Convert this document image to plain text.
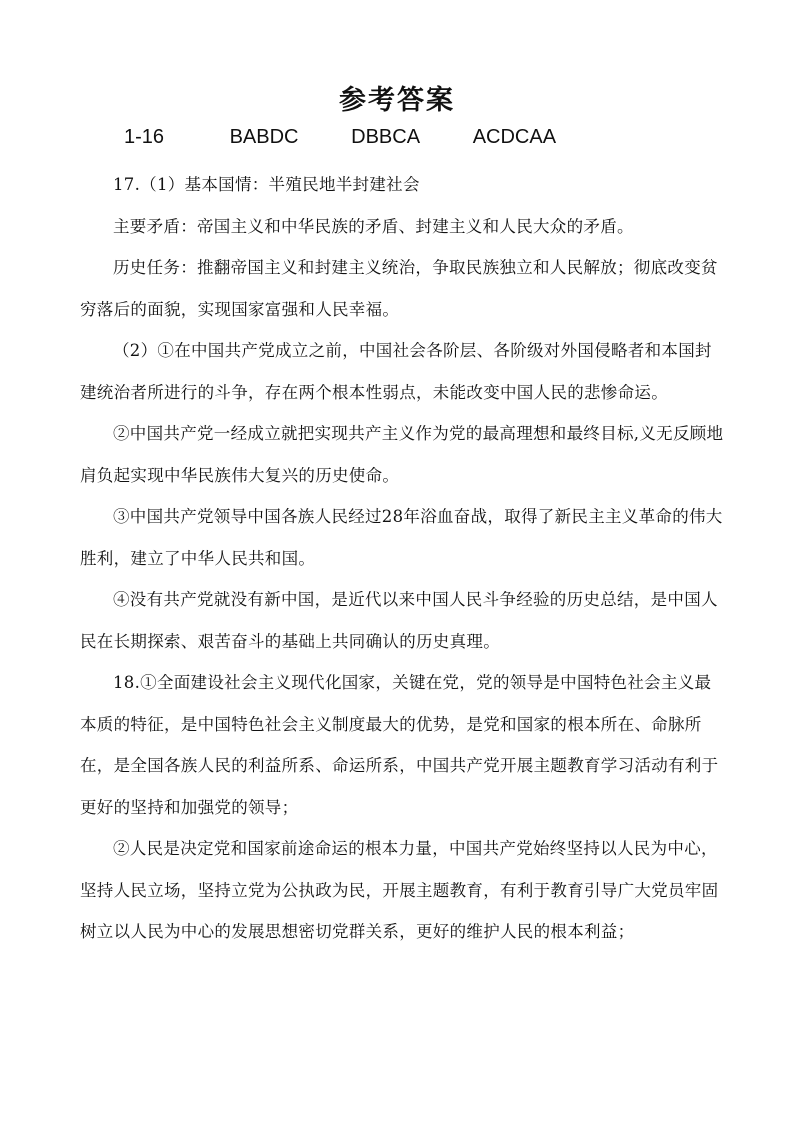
参考答案
1-16	BABDC	DBBCA	ACDCAA

17.（1）基本国情：半殖民地半封建社会

主要矛盾：帝国主义和中华民族的矛盾、封建主义和人民大众的矛盾。

历史任务：推翻帝国主义和封建主义统治，争取民族独立和人民解放；彻底改变贫穷落后的面貌，实现国家富强和人民幸福。

（2）①在中国共产党成立之前，中国社会各阶层、各阶级对外国侵略者和本国封建统治者所进行的斗争，存在两个根本性弱点，未能改变中国人民的悲惨命运。

②中国共产党一经成立就把实现共产主义作为党的最高理想和最终目标,义无反顾地肩负起实现中华民族伟大复兴的历史使命。

③中国共产党领导中国各族人民经过28年浴血奋战，取得了新民主主义革命的伟大胜利，建立了中华人民共和国。

④没有共产党就没有新中国，是近代以来中国人民斗争经验的历史总结，是中国人民在长期探索、艰苦奋斗的基础上共同确认的历史真理。

18.①全面建设社会主义现代化国家，关键在党，党的领导是中国特色社会主义最本质的特征，是中国特色社会主义制度最大的优势，是党和国家的根本所在、命脉所在，是全国各族人民的利益所系、命运所系，中国共产党开展主题教育学习活动有利于更好的坚持和加强党的领导；

②人民是决定党和国家前途命运的根本力量，中国共产党始终坚持以人民为中心，坚持人民立场，坚持立党为公执政为民，开展主题教育，有利于教育引导广大党员牢固树立以人民为中心的发展思想密切党群关系，更好的维护人民的根本利益；
